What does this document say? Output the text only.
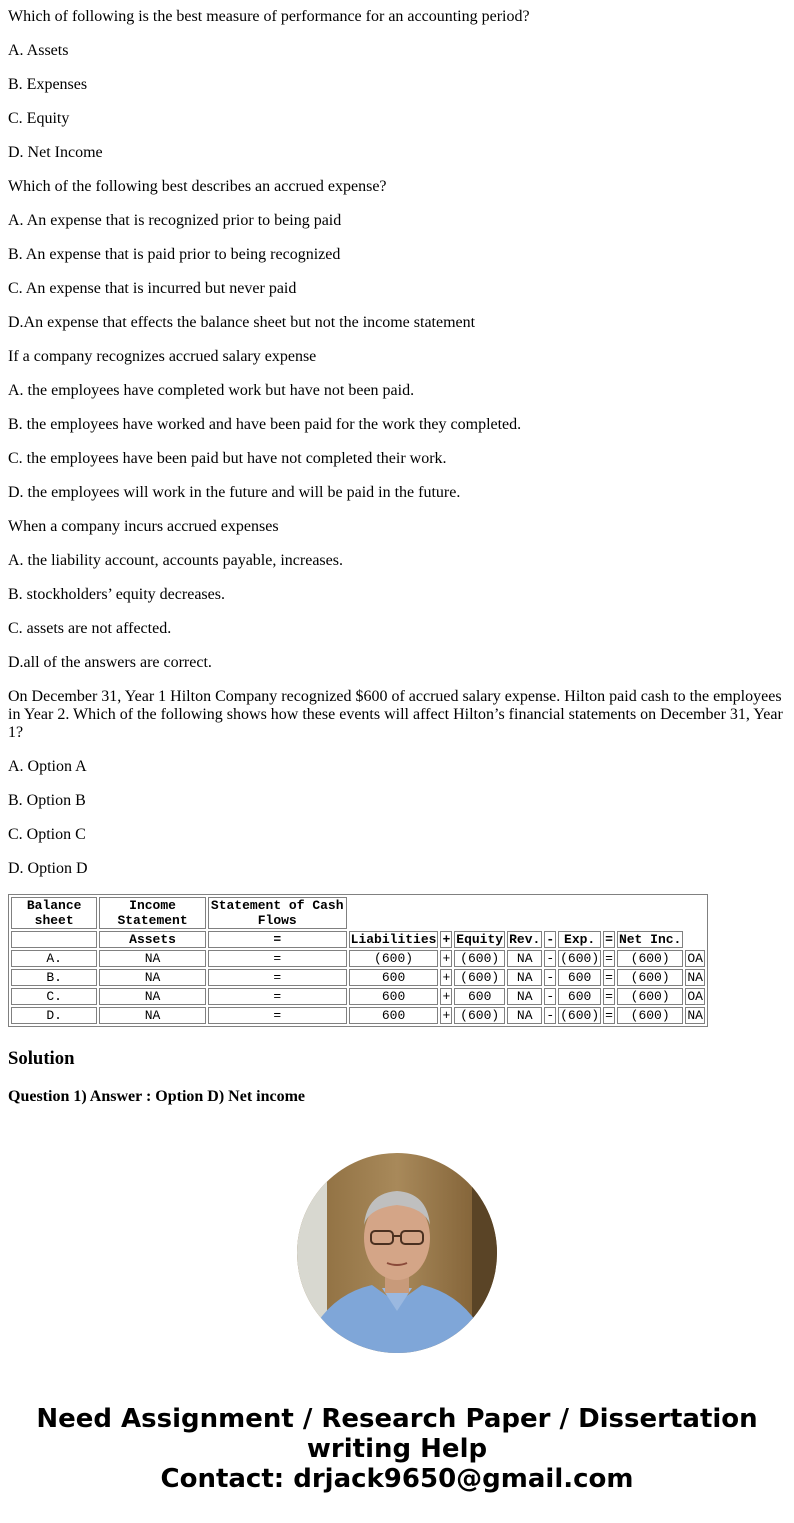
Which of following is the best measure of performance for an accounting period?

A. Assets

B. Expenses

C. Equity

D. Net Income

Which of the following best describes an accrued expense?

A. An expense that is recognized prior to being paid

B. An expense that is paid prior to being recognized

C. An expense that is incurred but never paid

D.An expense that effects the balance sheet but not the income statement

If a company recognizes accrued salary expense

A. the employees have completed work but have not been paid.

B. the employees have worked and have been paid for the work they completed.

C. the employees have been paid but have not completed their work.

D. the employees will work in the future and will be paid in the future.

When a company incurs accrued expenses

A. the liability account, accounts payable, increases.

B. stockholders’ equity decreases.

C. assets are not affected.

D.all of the answers are correct.

On December 31, Year 1 Hilton Company recognized $600 of accrued salary expense. Hilton paid cash to the employees in Year 2. Which of the following shows how these events will affect Hilton’s financial statements on December 31, Year 1?

A. Option A

B. Option B

C. Option C

D. Option D

Balance sheet	Income Statement	Statement of Cash Flows									
	Assets	=	Liabilities	+	Equity	Rev.	-	Exp.	=	Net Inc.	
A.	NA	=	(600)	+	(600)	NA	-	(600)	=	(600)	OA
B.	NA	=	600	+	(600)	NA	-	600	=	(600)	NA
C.	NA	=	600	+	600	NA	-	600	=	(600)	OA
D.	NA	=	600	+	(600)	NA	-	(600)	=	(600)	NA
Solution
Question 1) Answer : Option D) Net income
Need Assignment / Research Paper / Dissertation
writing Help
Contact: drjack9650@gmail.com
